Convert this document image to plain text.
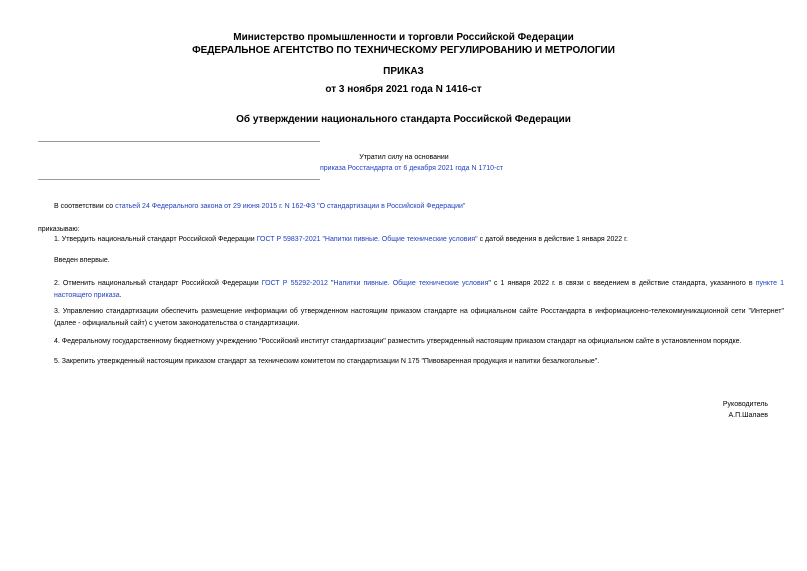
Министерство промышленности и торговли Российской Федерации
ФЕДЕРАЛЬНОЕ АГЕНТСТВО ПО ТЕХНИЧЕСКОМУ РЕГУЛИРОВАНИЮ И МЕТРОЛОГИИ
ПРИКАЗ
от 3 ноября 2021 года N 1416-ст
Об утверждении национального стандарта Российской Федерации
Утратил силу на основании
приказа Росстандарта от 6 декабря 2021 года N 1710-ст
В соответствии со статьей 24 Федерального закона от 29 июня 2015 г. N 162-ФЗ "О стандартизации в Российской Федерации"
приказываю:
1. Утвердить национальный стандарт Российской Федерации ГОСТ Р 59837-2021 "Напитки пивные. Общие технические условия" с датой введения в действие 1 января 2022 г.
Введен впервые.
2. Отменить национальный стандарт Российской Федерации ГОСТ Р 55292-2012 "Напитки пивные. Общие технические условия" с 1 января 2022 г. в связи с введением в действие стандарта, указанного в пункте 1 настоящего приказа.
3. Управлению стандартизации обеспечить размещение информации об утвержденном настоящим приказом стандарте на официальном сайте Росстандарта в информационно-телекоммуникационной сети "Интернет" (далее - официальный сайт) с учетом законодательства о стандартизации.
4. Федеральному государственному бюджетному учреждению "Российский институт стандартизации" разместить утвержденный настоящим приказом стандарт на официальном сайте в установленном порядке.
5. Закрепить утвержденный настоящим приказом стандарт за техническим комитетом по стандартизации N 175 "Пивоваренная продукция и напитки безалкогольные".
Руководитель
А.П.Шалаев
